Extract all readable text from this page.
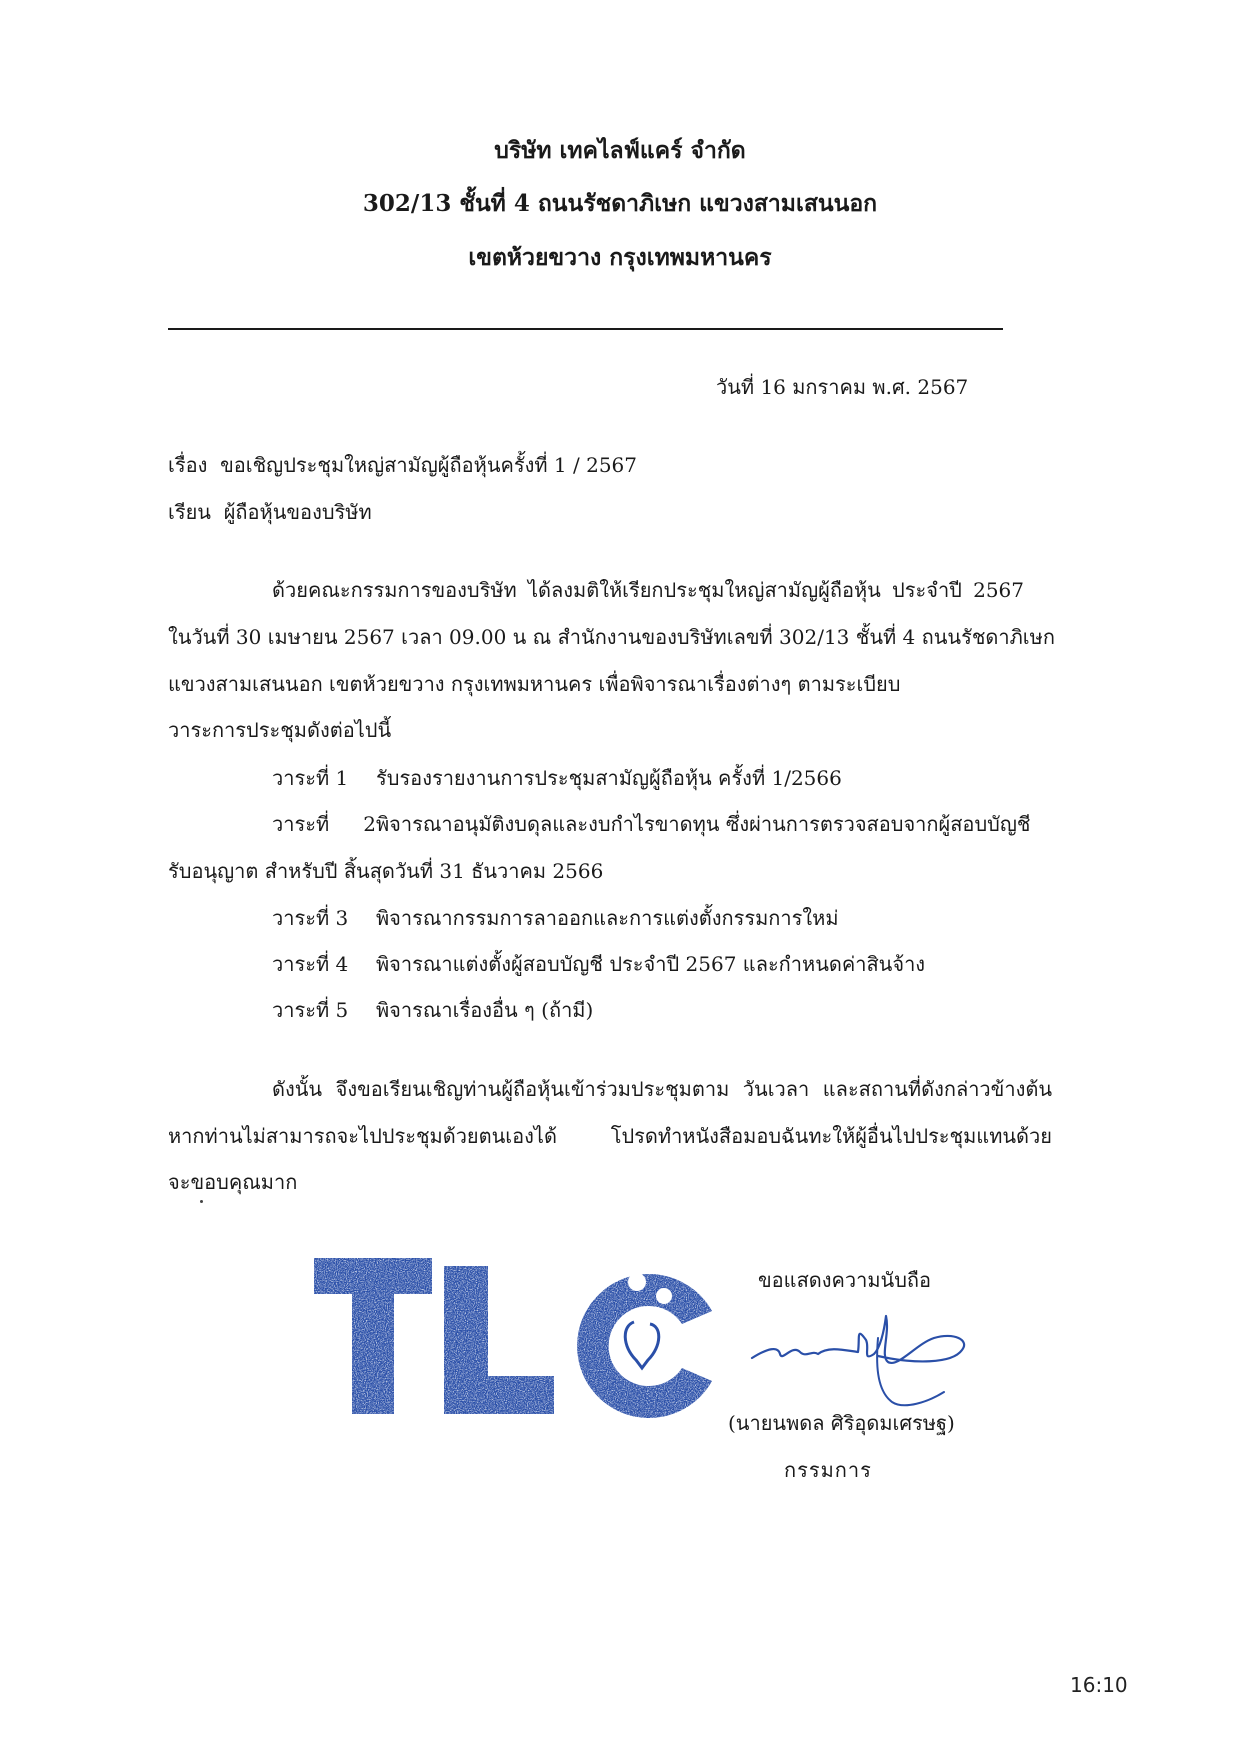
บริษัท เทคไลฟ์แคร์ จำกัด
302/13 ชั้นที่ 4 ถนนรัชดาภิเษก แขวงสามเสนนอก
เขตห้วยขวาง กรุงเทพมหานคร
วันที่ 16 มกราคม พ.ศ. 2567
เรื่อง ขอเชิญประชุมใหญ่สามัญผู้ถือหุ้นครั้งที่ 1 / 2567
เรียน ผู้ถือหุ้นของบริษัท
ด้วยคณะกรรมการของบริษัท ได้ลงมติให้เรียกประชุมใหญ่สามัญผู้ถือหุ้น ประจำปี 2567
ในวันที่ 30 เมษายน 2567 เวลา 09.00 น ณ สำนักงานของบริษัทเลขที่ 302/13 ชั้นที่ 4 ถนนรัชดาภิเษก
แขวงสามเสนนอก เขตห้วยขวาง กรุงเทพมหานคร เพื่อพิจารณาเรื่องต่างๆ ตามระเบียบ
วาระการประชุมดังต่อไปนี้
วาระที่ 1 รับรองรายงานการประชุมสามัญผู้ถือหุ้น ครั้งที่ 1/2566
วาระที่ 2พิจารณาอนุมัติงบดุลและงบกำไรขาดทุน ซึ่งผ่านการตรวจสอบจากผู้สอบบัญชี
รับอนุญาต สำหรับปี สิ้นสุดวันที่ 31 ธันวาคม 2566
วาระที่ 3 พิจารณากรรมการลาออกและการแต่งตั้งกรรมการใหม่
วาระที่ 4 พิจารณาแต่งตั้งผู้สอบบัญชี ประจำปี 2567 และกำหนดค่าสินจ้าง
วาระที่ 5 พิจารณาเรื่องอื่น ๆ (ถ้ามี)
ดังนั้น จึงขอเรียนเชิญท่านผู้ถือหุ้นเข้าร่วมประชุมตาม วันเวลา และสถานที่ดังกล่าวข้างต้น
หากท่านไม่สามารถจะไปประชุมด้วยตนเองได้ โปรดทำหนังสือมอบฉันทะให้ผู้อื่นไปประชุมแทนด้วย
จะขอบคุณมาก
ขอแสดงความนับถือ
(นายนพดล ศิริอุดมเศรษฐ)
กรรมการ
16:10
